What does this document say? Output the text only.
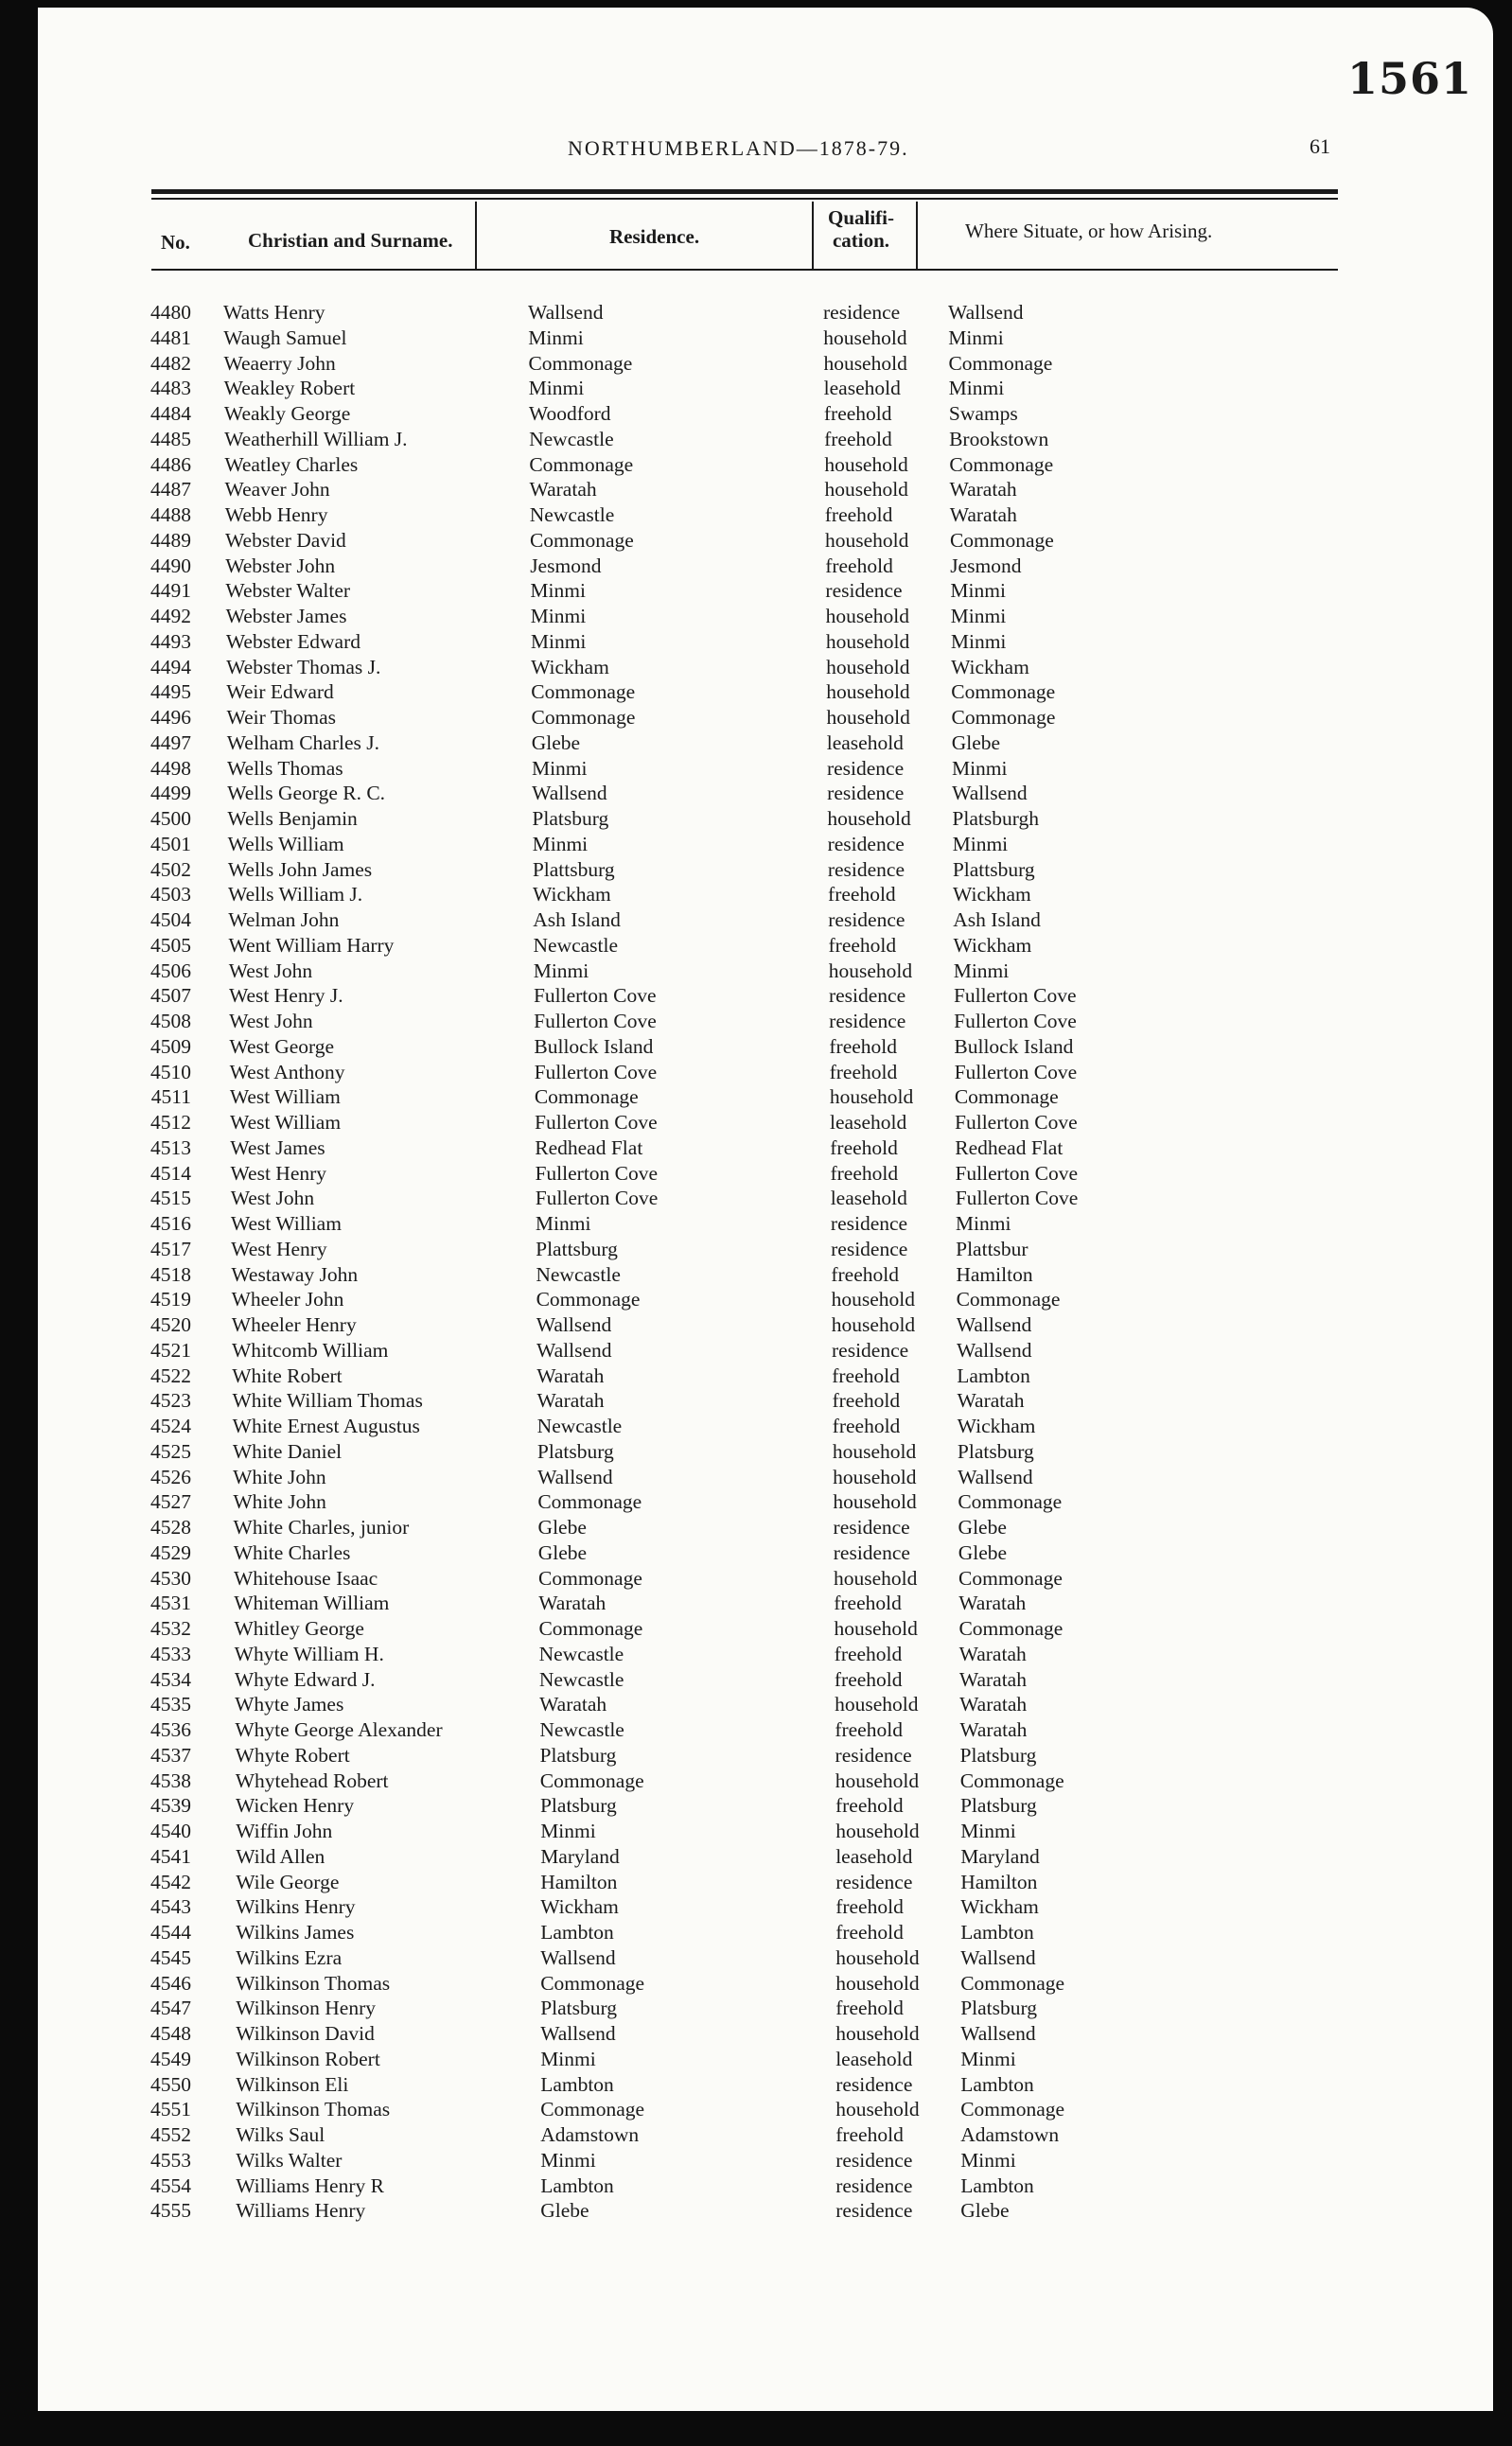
1561
NORTHUMBERLAND—1878-79.	61
No.	Christian and Surname.	Residence.
Qualifi-cation.	Where Situate, or how Arising.
4480 Watts Henry	Wallsend	residence Wallsend
4481 Waugh Samuel	Minmi	household Minmi
4482 Weaerry John	Commonage	household Commonage
4483 Weakley Robert	Minmi	leasehold Minmi
4484 Weakly George	Woodford	freehold	Swamps
4485 Weatherhill William J.	Newcastle	freehold	Brookstown
4486 Weatley Charles	Commonage	household Commonage
4487 Weaver John	Waratah	household Waratah
4488 Webb Henry	Newcastle	freehold	Waratah
4489 Webster David	Commonage	household Commonage
4490 Webster John	Jesmond	freehold	Jesmond
4491 Webster Walter	Minmi	residence Minmi
4492 Webster James	Minmi	household Minmi
4493 Webster Edward	Minmi	household Minmi
4494 Webster Thomas J.	Wickham	household Wickham
4495 Weir Edward	Commonage	household Commonage
4496 Weir Thomas	Commonage	household Commonage
4497 Welham Charles J.	Glebe	leasehold Glebe
4498 Wells Thomas	Minmi	residence Minmi
4499 Wells George R. C.	Wallsend	residence Wallsend
4500 Wells Benjamin	Platsburg	household Platsburgh
4501 Wells William	Minmi	residence Minmi
4502 Wells John James	Plattsburg	residence Plattsburg
4503 Wells William J.	Wickham	freehold	Wickham
4504 Welman John	Ash Island	residence Ash Island
4505 Went William Harry	Newcastle	freehold	Wickham
4506 West John	Minmi	household Minmi
4507 West Henry J.	Fullerton Cove	residence Fullerton Cove
4508 West John	Fullerton Cove	residence Fullerton Cove
4509 West George	Bullock Island	freehold	Bullock Island
4510 West Anthony	Fullerton Cove	freehold	Fullerton Cove
4511 West William	Commonage	household Commonage
4512 West William	Fullerton Cove	leasehold Fullerton Cove
4513 West James	Redhead Flat	freehold	Redhead Flat
4514 West Henry	Fullerton Cove	freehold	Fullerton Cove
4515 West John	Fullerton Cove	leasehold Fullerton Cove
4516 West William	Minmi	residence Minmi
4517 West Henry	Plattsburg	residence Plattsbur
4518 Westaway John	Newcastle	freehold	Hamilton
4519 Wheeler John	Commonage	household Commonage
4520 Wheeler Henry	Wallsend	household Wallsend
4521 Whitcomb William	Wallsend	residence Wallsend
4522 White Robert	Waratah	freehold	Lambton
4523 White William Thomas	Waratah	freehold	Waratah
4524 White Ernest Augustus	Newcastle	freehold	Wickham
4525 White Daniel	Platsburg	household Platsburg
4526 White John	Wallsend	household Wallsend
4527 White John	Commonage	household Commonage
4528 White Charles, junior	Glebe	residence Glebe
4529 White Charles	Glebe	residence Glebe
4530 Whitehouse Isaac	Commonage	household Commonage
4531 Whiteman William	Waratah	freehold	Waratah
4532 Whitley George	Commonage	household Commonage
4533 Whyte William H.	Newcastle	freehold	Waratah
4534 Whyte Edward J.	Newcastle	freehold	Waratah
4535 Whyte James	Waratah	household Waratah
4536 Whyte George Alexander	Newcastle	freehold	Waratah
4537 Whyte Robert	Platsburg	residence Platsburg
4538 Whytehead Robert	Commonage	household Commonage
4539 Wicken Henry	Platsburg	freehold	Platsburg
4540 Wiffin John	Minmi	household Minmi
4541 Wild Allen	Maryland	leasehold Maryland
4542 Wile George	Hamilton	residence Hamilton
4543 Wilkins Henry	Wickham	freehold	Wickham
4544 Wilkins James	Lambton	freehold	Lambton
4545 Wilkins Ezra	Wallsend	household Wallsend
4546 Wilkinson Thomas	Commonage	household Commonage
4547 Wilkinson Henry	Platsburg	freehold	Platsburg
4548 Wilkinson David	Wallsend	household Wallsend
4549 Wilkinson Robert	Minmi	leasehold Minmi
4550 Wilkinson Eli	Lambton	residence Lambton
4551 Wilkinson Thomas	Commonage	household Commonage
4552 Wilks Saul	Adamstown	freehold	Adamstown
4553 Wilks Walter	Minmi	residence Minmi
4554 Williams Henry R	Lambton	residence Lambton
4555 Williams Henry	Glebe	residence Glebe
